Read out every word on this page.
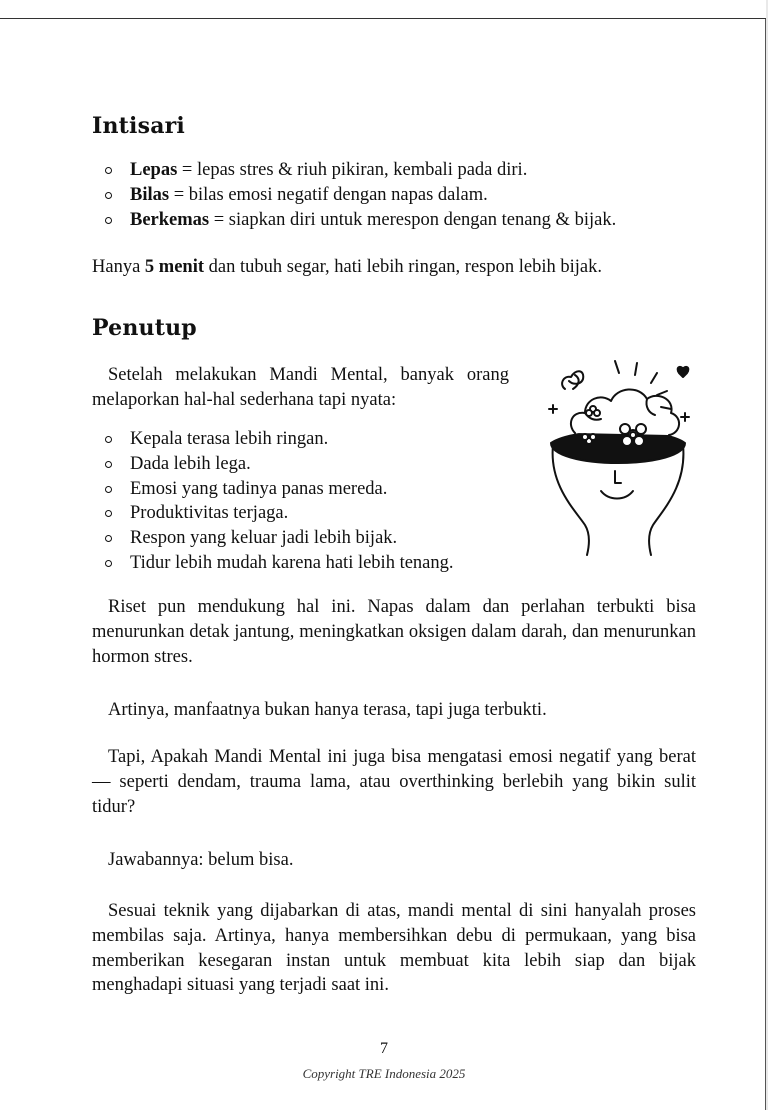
Intisari
Lepas = lepas stres & riuh pikiran, kembali pada diri.
Bilas = bilas emosi negatif dengan napas dalam.
Berkemas = siapkan diri untuk merespon dengan tenang & bijak.

Hanya 5 menit dan tubuh segar, hati lebih ringan, respon lebih bijak.

Penutup

Setelah melakukan Mandi Mental, banyak orang melaporkan hal-hal sederhana tapi nyata:

Kepala terasa lebih ringan.
Dada lebih lega.
Emosi yang tadinya panas mereda.
Produktivitas terjaga.
Respon yang keluar jadi lebih bijak.
Tidur lebih mudah karena hati lebih tenang.

Riset pun mendukung hal ini. Napas dalam dan perlahan terbukti bisa menurunkan detak jantung, meningkatkan oksigen dalam darah, dan menurunkan hormon stres.

Artinya, manfaatnya bukan hanya terasa, tapi juga terbukti.

Tapi, Apakah Mandi Mental ini juga bisa mengatasi emosi negatif yang berat — seperti dendam, trauma lama, atau overthinking berlebih yang bikin sulit tidur?

Jawabannya: belum bisa.

Sesuai teknik yang dijabarkan di atas, mandi mental di sini hanyalah proses membilas saja. Artinya, hanya membersihkan debu di permukaan, yang bisa memberikan kesegaran instan untuk membuat kita lebih siap dan bijak menghadapi situasi yang terjadi saat ini.

7
Copyright TRE Indonesia 2025
